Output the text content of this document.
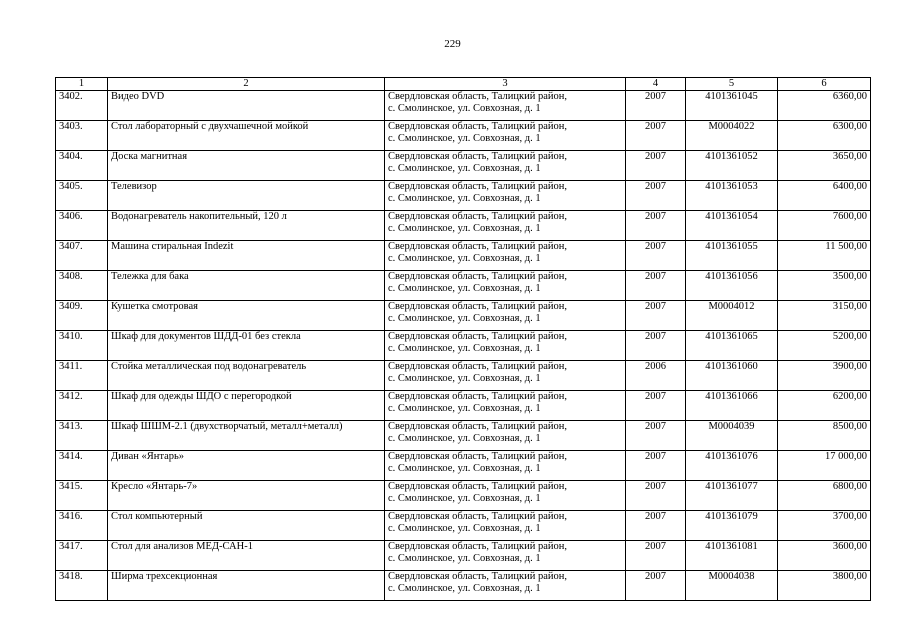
229
1	2	3	4	5	6
3402.	Видео DVD	Свердловская область, Талицкий район,
с. Смолинское, ул. Совхозная, д. 1	2007	4101361045	6360,00
3403.	Стол лабораторный с двухчашечной мойкой	Свердловская область, Талицкий район,
с. Смолинское, ул. Совхозная, д. 1	2007	М0004022	6300,00
3404.	Доска магнитная	Свердловская область, Талицкий район,
с. Смолинское, ул. Совхозная, д. 1	2007	4101361052	3650,00
3405.	Телевизор	Свердловская область, Талицкий район,
с. Смолинское, ул. Совхозная, д. 1	2007	4101361053	6400,00
3406.	Водонагреватель накопительный, 120 л	Свердловская область, Талицкий район,
с. Смолинское, ул. Совхозная, д. 1	2007	4101361054	7600,00
3407.	Машина стиральная Indezit	Свердловская область, Талицкий район,
с. Смолинское, ул. Совхозная, д. 1	2007	4101361055	11 500,00
3408.	Тележка для бака	Свердловская область, Талицкий район,
с. Смолинское, ул. Совхозная, д. 1	2007	4101361056	3500,00
3409.	Кушетка смотровая	Свердловская область, Талицкий район,
с. Смолинское, ул. Совхозная, д. 1	2007	М0004012	3150,00
3410.	Шкаф для документов ШДД-01 без стекла	Свердловская область, Талицкий район,
с. Смолинское, ул. Совхозная, д. 1	2007	4101361065	5200,00
3411.	Стойка металлическая под водонагреватель	Свердловская область, Талицкий район,
с. Смолинское, ул. Совхозная, д. 1	2006	4101361060	3900,00
3412.	Шкаф для одежды ШДО с перегородкой	Свердловская область, Талицкий район,
с. Смолинское, ул. Совхозная, д. 1	2007	4101361066	6200,00
3413.	Шкаф ШШМ-2.1 (двухстворчатый, металл+металл)	Свердловская область, Талицкий район,
с. Смолинское, ул. Совхозная, д. 1	2007	М0004039	8500,00
3414.	Диван «Янтарь»	Свердловская область, Талицкий район,
с. Смолинское, ул. Совхозная, д. 1	2007	4101361076	17 000,00
3415.	Кресло «Янтарь-7»	Свердловская область, Талицкий район,
с. Смолинское, ул. Совхозная, д. 1	2007	4101361077	6800,00
3416.	Стол компьютерный	Свердловская область, Талицкий район,
с. Смолинское, ул. Совхозная, д. 1	2007	4101361079	3700,00
3417.	Стол для анализов МЕД-САН-1	Свердловская область, Талицкий район,
с. Смолинское, ул. Совхозная, д. 1	2007	4101361081	3600,00
3418.	Ширма трехсекционная	Свердловская область, Талицкий район,
с. Смолинское, ул. Совхозная, д. 1	2007	М0004038	3800,00
